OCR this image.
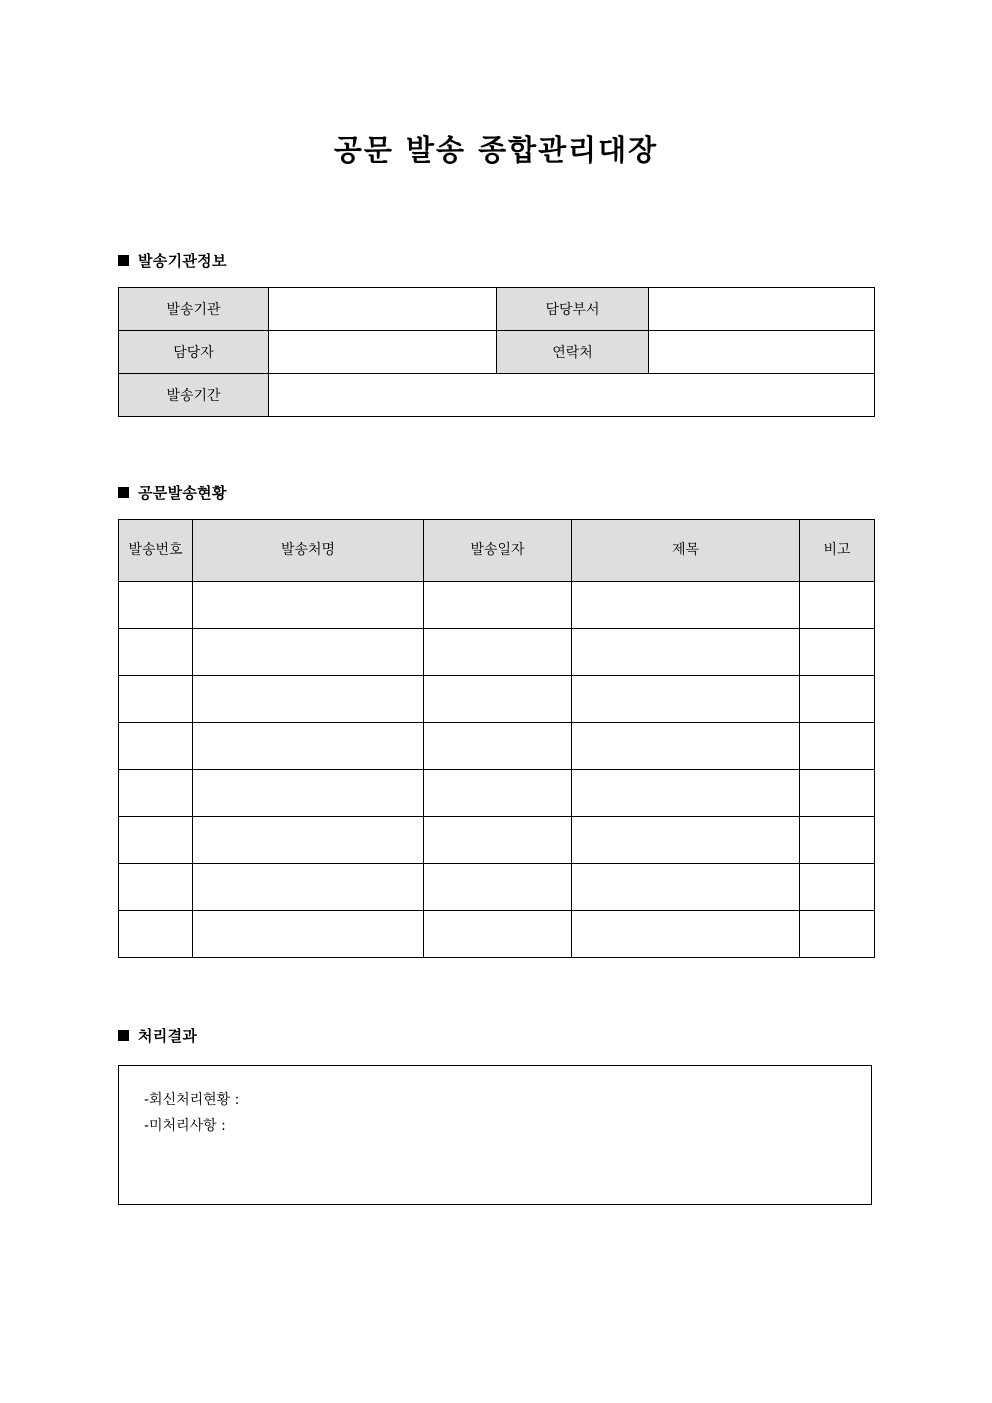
공문 발송 종합관리대장
발송기관정보
발송기관		담당부서	
담당자		연락처	
발송기간			
공문발송현황
발송번호	발송처명	발송일자	제목	비고

처리결과
-회신처리현황 :
-미처리사항 :
